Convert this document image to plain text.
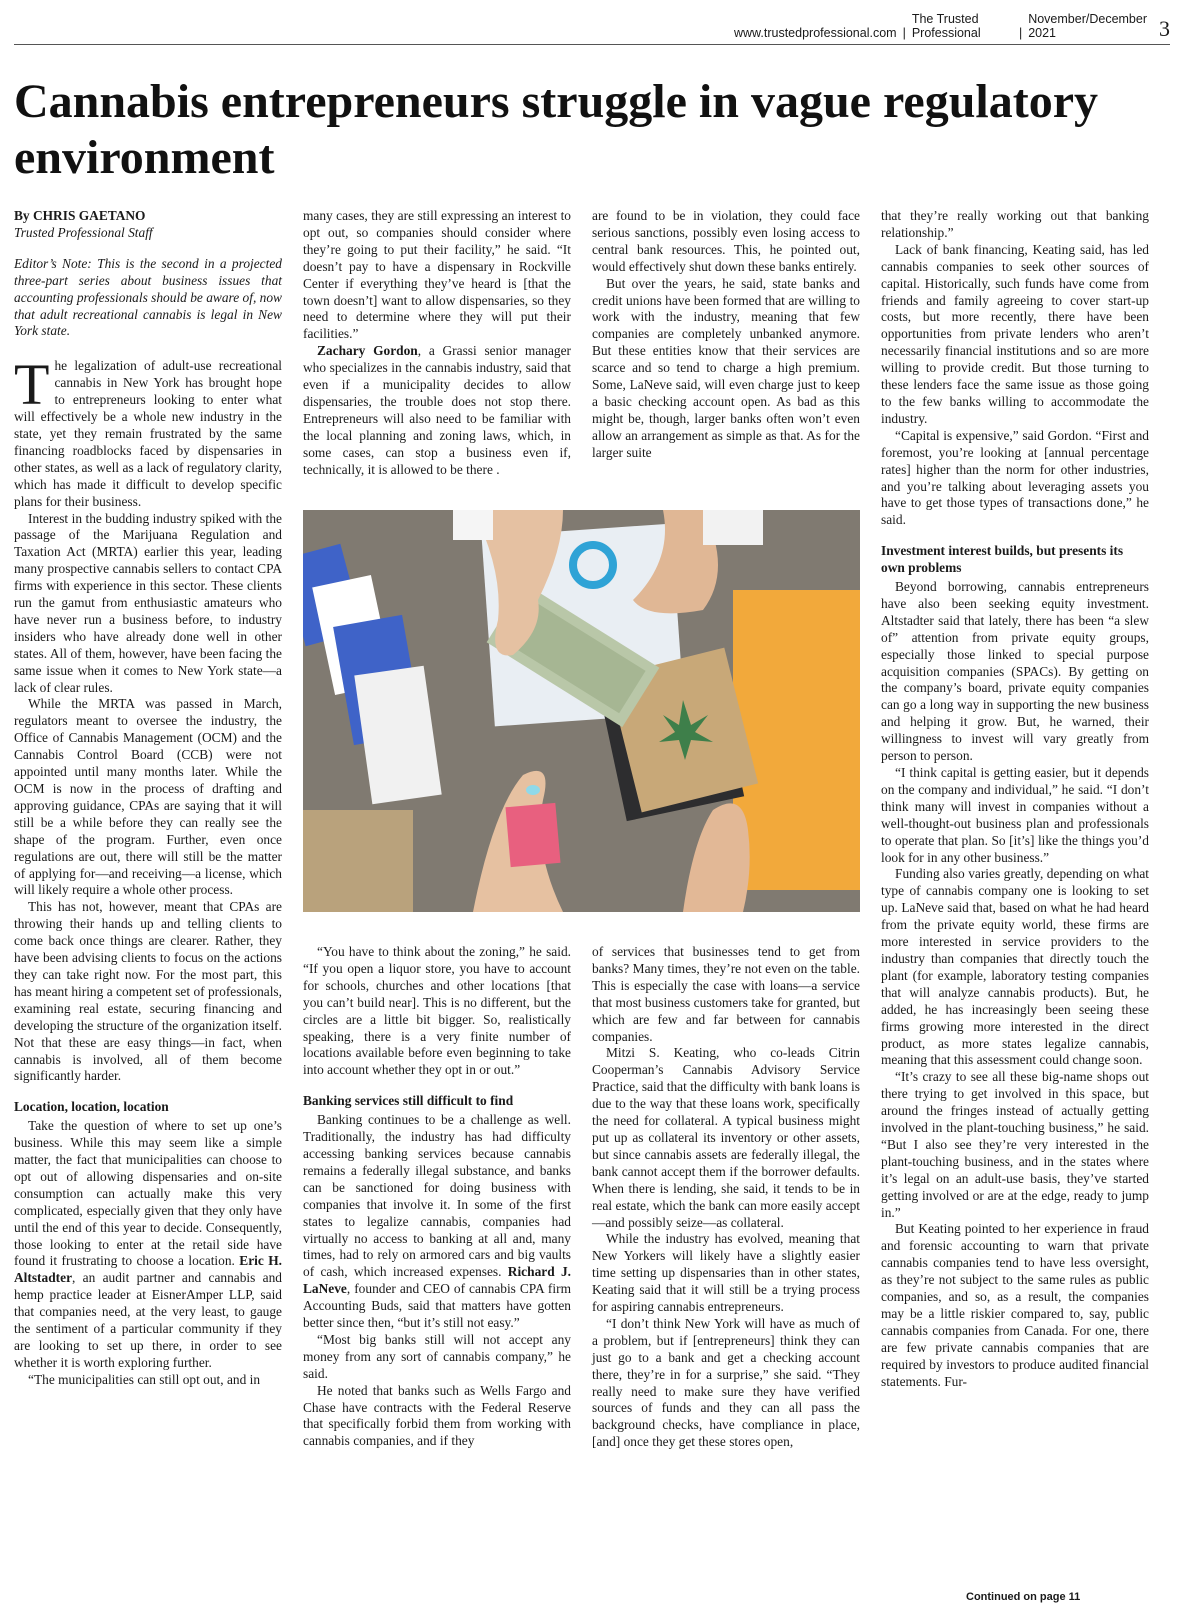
www.trustedprofessional.com |
The Trusted Professional	|
November/December 2021	3
Cannabis entrepreneurs struggle in vague regulatory environment

By CHRIS GAETANO

Trusted Professional Staff

Editor’s Note: This is the second in a projected three-part series about business issues that accounting professionals should be aware of, now that adult recreational cannabis is legal in New York state.

The legalization of adult-use recreational cannabis in New York has brought hope to entrepreneurs looking to enter what will effectively be a whole new industry in the state, yet they remain frustrated by the same financing roadblocks faced by dispensaries in other states, as well as a lack of regulatory clarity, which has made it difficult to develop specific plans for their business.

Interest in the budding industry spiked with the passage of the Marijuana Regulation and Taxation Act (MRTA) earlier this year, leading many prospective cannabis sellers to contact CPA firms with experience in this sector. These clients run the gamut from enthusiastic amateurs who have never run a business before, to industry insiders who have already done well in other states. All of them, however, have been facing the same issue when it comes to New York state—a lack of clear rules.

While the MRTA was passed in March, regulators meant to oversee the industry, the Office of Cannabis Management (OCM) and the Cannabis Control Board (CCB) were not appointed until many months later. While the OCM is now in the process of drafting and approving guidance, CPAs are saying that it will still be a while before they can really see the shape of the program. Further, even once regulations are out, there will still be the matter of applying for—and receiving—a license, which will likely require a whole other process.

This has not, however, meant that CPAs are throwing their hands up and telling clients to come back once things are clearer. Rather, they have been advising clients to focus on the actions they can take right now. For the most part, this has meant hiring a competent set of professionals, examining real estate, securing financing and developing the structure of the organization itself. Not that these are easy things—in fact, when cannabis is involved, all of them become significantly harder.

Location, location, location

Take the question of where to set up one’s business. While this may seem like a simple matter, the fact that municipalities can choose to opt out of allowing dispensaries and on-site consumption can actually make this very complicated, especially given that they only have until the end of this year to decide. Consequently, those looking to enter at the retail side have found it frustrating to choose a location. Eric H. Altstadter, an audit partner and cannabis and hemp practice leader at EisnerAmper LLP, said that companies need, at the very least, to gauge the sentiment of a particular community if they are looking to set up there, in order to see whether it is worth exploring further.

“The municipalities can still opt out, and in

many cases, they are still expressing an interest to opt out, so companies should consider where they’re going to put their facility,” he said. “It doesn’t pay to have a dispensary in Rockville Center if everything they’ve heard is [that the town doesn’t] want to allow dispensaries, so they need to determine where they will put their facilities.”

Zachary Gordon, a Grassi senior manager who specializes in the cannabis industry, said that even if a municipality decides to allow dispensaries, the trouble does not stop there. Entrepreneurs will also need to be familiar with the local planning and zoning laws, which, in some cases, can stop a business even if, technically, it is allowed to be there .

are found to be in violation, they could face serious sanctions, possibly even losing access to central bank resources. This, he pointed out, would effectively shut down these banks entirely.

But over the years, he said, state banks and credit unions have been formed that are willing to work with the industry, meaning that few companies are completely unbanked anymore. But these entities know that their services are scarce and so tend to charge a high premium. Some, LaNeve said, will even charge just to keep a basic checking account open. As bad as this might be, though, larger banks often won’t even allow an arrangement as simple as that. As for the larger suite

“You have to think about the zoning,” he said. “If you open a liquor store, you have to account for schools, churches and other locations [that you can’t build near]. This is no different, but the circles are a little bit bigger. So, realistically speaking, there is a very finite number of locations available before even beginning to take into account whether they opt in or out.”

Banking services still difficult to find

Banking continues to be a challenge as well. Traditionally, the industry has had difficulty accessing banking services because cannabis remains a federally illegal substance, and banks can be sanctioned for doing business with companies that involve it. In some of the first states to legalize cannabis, companies had virtually no access to banking at all and, many times, had to rely on armored cars and big vaults of cash, which increased expenses. Richard J. LaNeve, founder and CEO of cannabis CPA firm Accounting Buds, said that matters have gotten better since then, “but it’s still not easy.”

“Most big banks still will not accept any money from any sort of cannabis company,” he said.

He noted that banks such as Wells Fargo and Chase have contracts with the Federal Reserve that specifically forbid them from working with cannabis companies, and if they

of services that businesses tend to get from banks? Many times, they’re not even on the table. This is especially the case with loans—a service that most business customers take for granted, but which are few and far between for cannabis companies.

Mitzi S. Keating, who co-leads Citrin Cooperman’s Cannabis Advisory Service Practice, said that the difficulty with bank loans is due to the way that these loans work, specifically the need for collateral. A typical business might put up as collateral its inventory or other assets, but since cannabis assets are federally illegal, the bank cannot accept them if the borrower defaults. When there is lending, she said, it tends to be in real estate, which the bank can more easily accept—and possibly seize—as collateral.

While the industry has evolved, meaning that New Yorkers will likely have a slightly easier time setting up dispensaries than in other states, Keating said that it will still be a trying process for aspiring cannabis entrepreneurs.

“I don’t think New York will have as much of a problem, but if [entrepreneurs] think they can just go to a bank and get a checking account there, they’re in for a surprise,” she said. “They really need to make sure they have verified sources of funds and they can all pass the background checks, have compliance in place, [and] once they get these stores open,

that they’re really working out that banking relationship.”

Lack of bank financing, Keating said, has led cannabis companies to seek other sources of capital. Historically, such funds have come from friends and family agreeing to cover start-up costs, but more recently, there have been opportunities from private lenders who aren’t necessarily financial institutions and so are more willing to provide credit. But those turning to these lenders face the same issue as those going to the few banks willing to accommodate the industry.

“Capital is expensive,” said Gordon. “First and foremost, you’re looking at [annual percentage rates] higher than the norm for other industries, and you’re talking about leveraging assets you have to get those types of transactions done,” he said.

Investment interest builds, but presents its own problems

Beyond borrowing, cannabis entrepreneurs have also been seeking equity investment. Altstadter said that lately, there has been “a slew of” attention from private equity groups, especially those linked to special purpose acquisition companies (SPACs). By getting on the company’s board, private equity companies can go a long way in supporting the new business and helping it grow. But, he warned, their willingness to invest will vary greatly from person to person.

“I think capital is getting easier, but it depends on the company and individual,” he said. “I don’t think many will invest in companies without a well-thought-out business plan and professionals to operate that plan. So [it’s] like the things you’d look for in any other business.”

Funding also varies greatly, depending on what type of cannabis company one is looking to set up. LaNeve said that, based on what he had heard from the private equity world, these firms are more interested in service providers to the industry than companies that directly touch the plant (for example, laboratory testing companies that will analyze cannabis products). But, he added, he has increasingly been seeing these firms growing more interested in the direct product, as more states legalize cannabis, meaning that this assessment could change soon.

“It’s crazy to see all these big-name shops out there trying to get involved in this space, but around the fringes instead of actually getting involved in the plant-touching business,” he said. “But I also see they’re very interested in the plant-touching business, and in the states where it’s legal on an adult-use basis, they’ve started getting involved or are at the edge, ready to jump in.”

But Keating pointed to her experience in fraud and forensic accounting to warn that private cannabis companies tend to have less oversight, as they’re not subject to the same rules as public companies, and so, as a result, the companies may be a little riskier compared to, say, public cannabis companies from Canada. For one, there are few private cannabis companies that are required by investors to produce audited financial statements. Fur-

Continued on page 11
